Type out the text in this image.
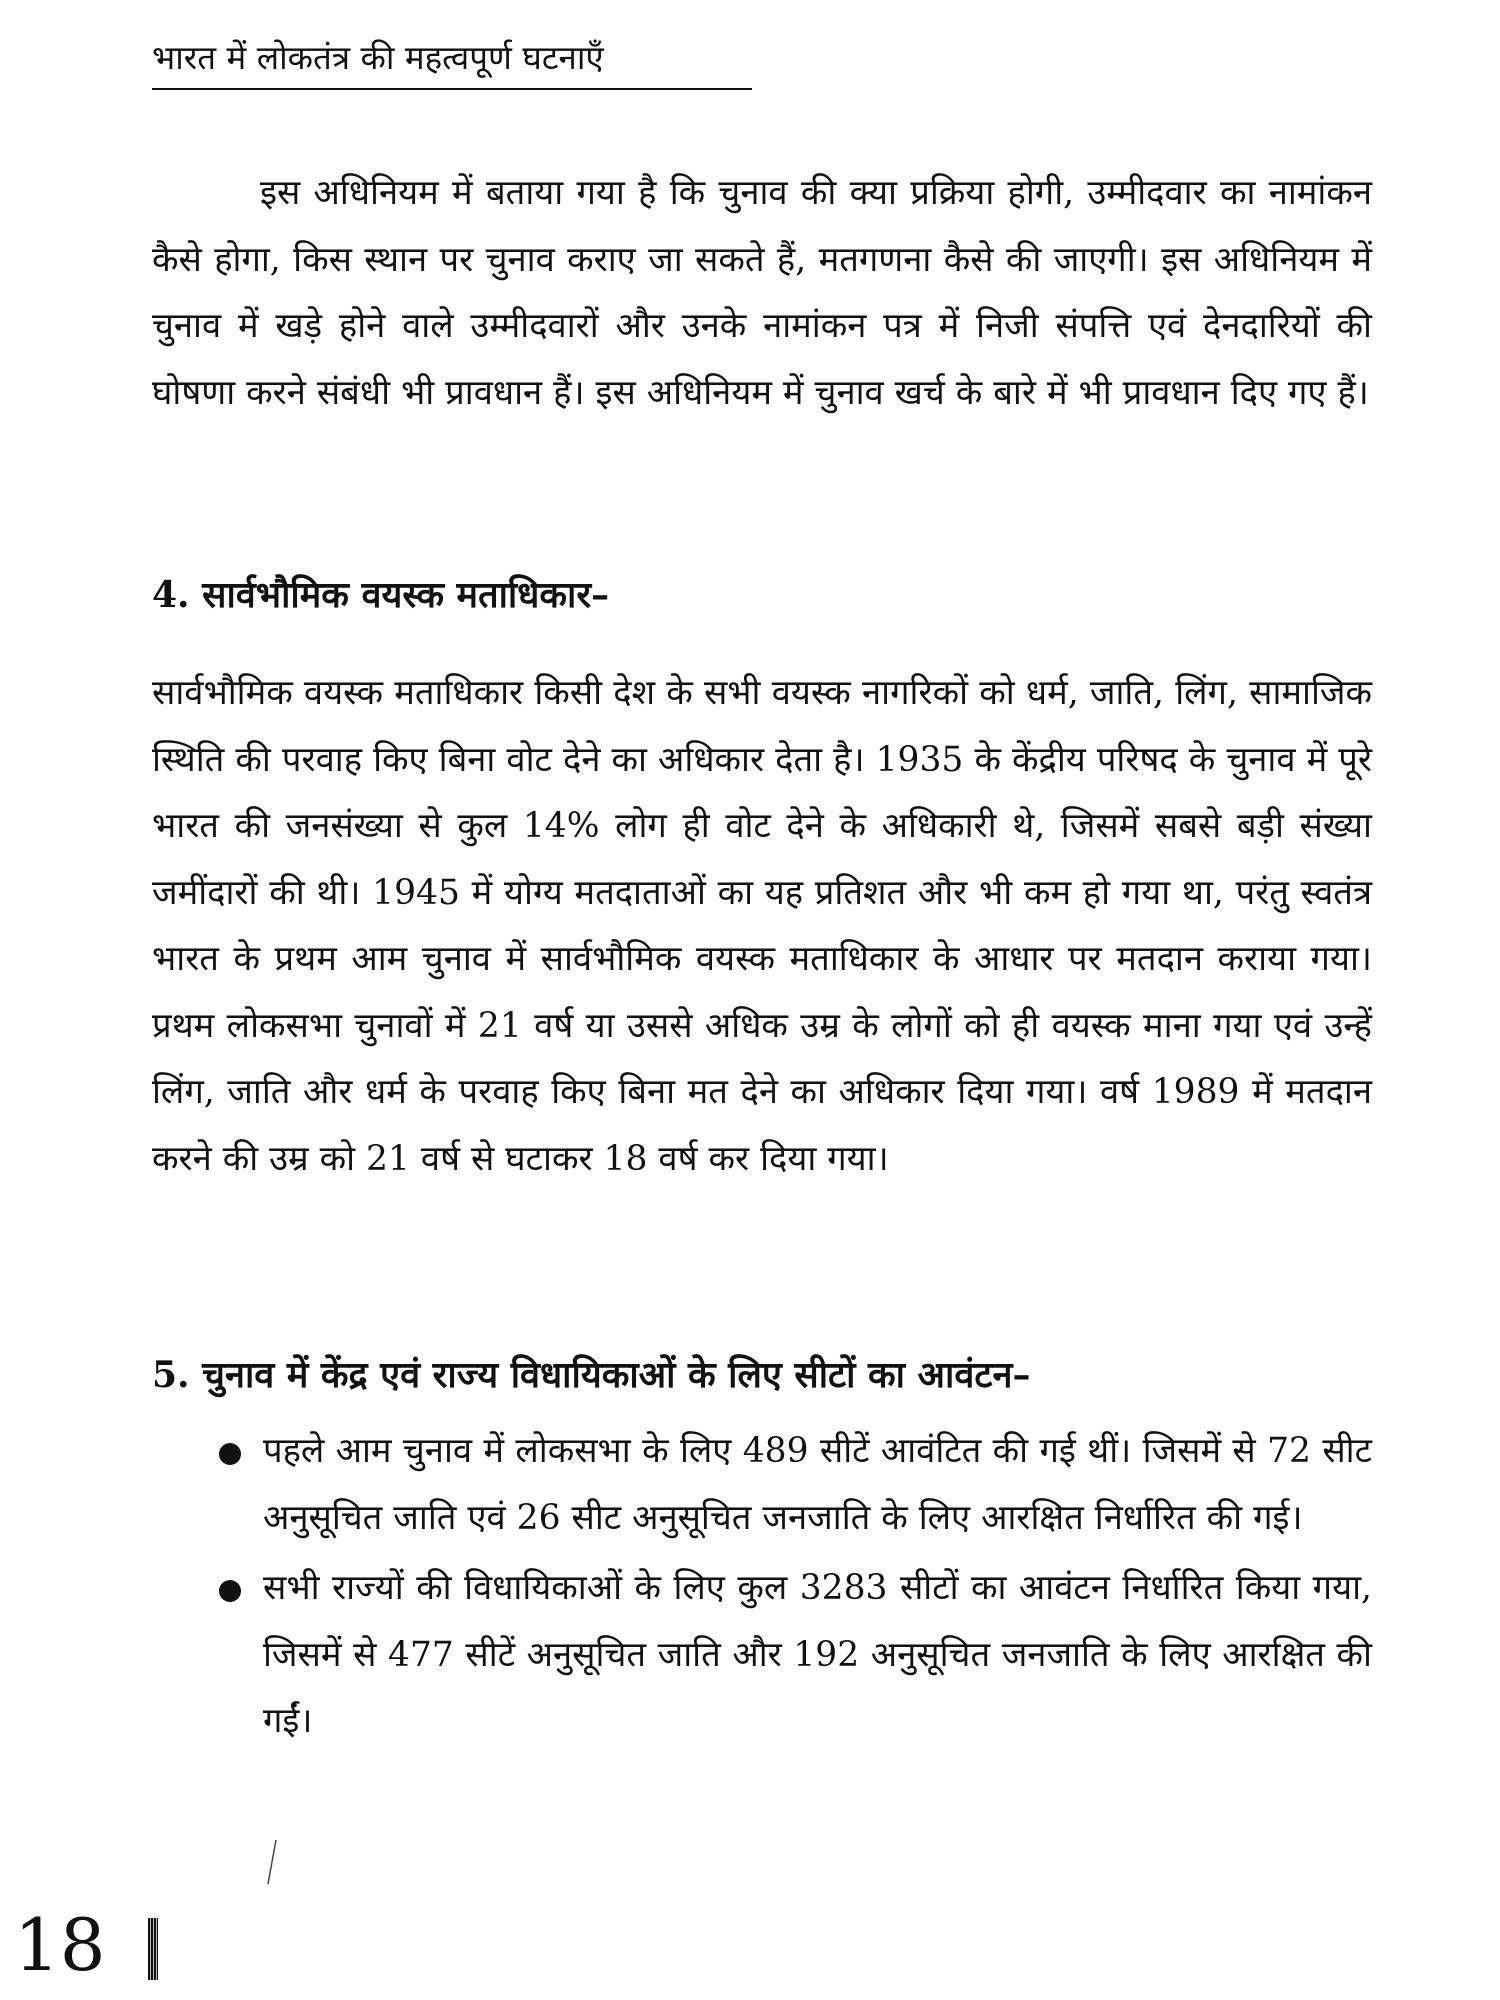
भारत में लोकतंत्र की महत्वपूर्ण घटनाएँ

इस अधिनियम में बताया गया है कि चुनाव की क्या प्रक्रिया होगी, उम्मीदवार का नामांकन कैसे होगा, किस स्थान पर चुनाव कराए जा सकते हैं, मतगणना कैसे की जाएगी। इस अधिनियम में चुनाव में खड़े होने वाले उम्मीदवारों और उनके नामांकन पत्र में निजी संपत्ति एवं देनदारियों की घोषणा करने संबंधी भी प्रावधान हैं। इस अधिनियम में चुनाव खर्च के बारे में भी प्रावधान दिए गए हैं।

4. सार्वभौमिक वयस्क मताधिकार–

सार्वभौमिक वयस्क मताधिकार किसी देश के सभी वयस्क नागरिकों को धर्म, जाति, लिंग, सामाजिक स्थिति की परवाह किए बिना वोट देने का अधिकार देता है। 1935 के केंद्रीय परिषद के चुनाव में पूरे भारत की जनसंख्या से कुल 14% लोग ही वोट देने के अधिकारी थे, जिसमें सबसे बड़ी संख्या जमींदारों की थी। 1945 में योग्य मतदाताओं का यह प्रतिशत और भी कम हो गया था, परंतु स्वतंत्र भारत के प्रथम आम चुनाव में सार्वभौमिक वयस्क मताधिकार के आधार पर मतदान कराया गया। प्रथम लोकसभा चुनावों में 21 वर्ष या उससे अधिक उम्र के लोगों को ही वयस्क माना गया एवं उन्हें लिंग, जाति और धर्म के परवाह किए बिना मत देने का अधिकार दिया गया। वर्ष 1989 में मतदान करने की उम्र को 21 वर्ष से घटाकर 18 वर्ष कर दिया गया।

5. चुनाव में केंद्र एवं राज्य विधायिकाओं के लिए सीटों का आवंटन–
पहले आम चुनाव में लोकसभा के लिए 489 सीटें आवंटित की गई थीं। जिसमें से 72 सीट अनुसूचित जाति एवं 26 सीट अनुसूचित जनजाति के लिए आरक्षित निर्धारित की गई।
सभी राज्यों की विधायिकाओं के लिए कुल 3283 सीटों का आवंटन निर्धारित किया गया, जिसमें से 477 सीटें अनुसूचित जाति और 192 अनुसूचित जनजाति के लिए आरक्षित की गईं।
18
